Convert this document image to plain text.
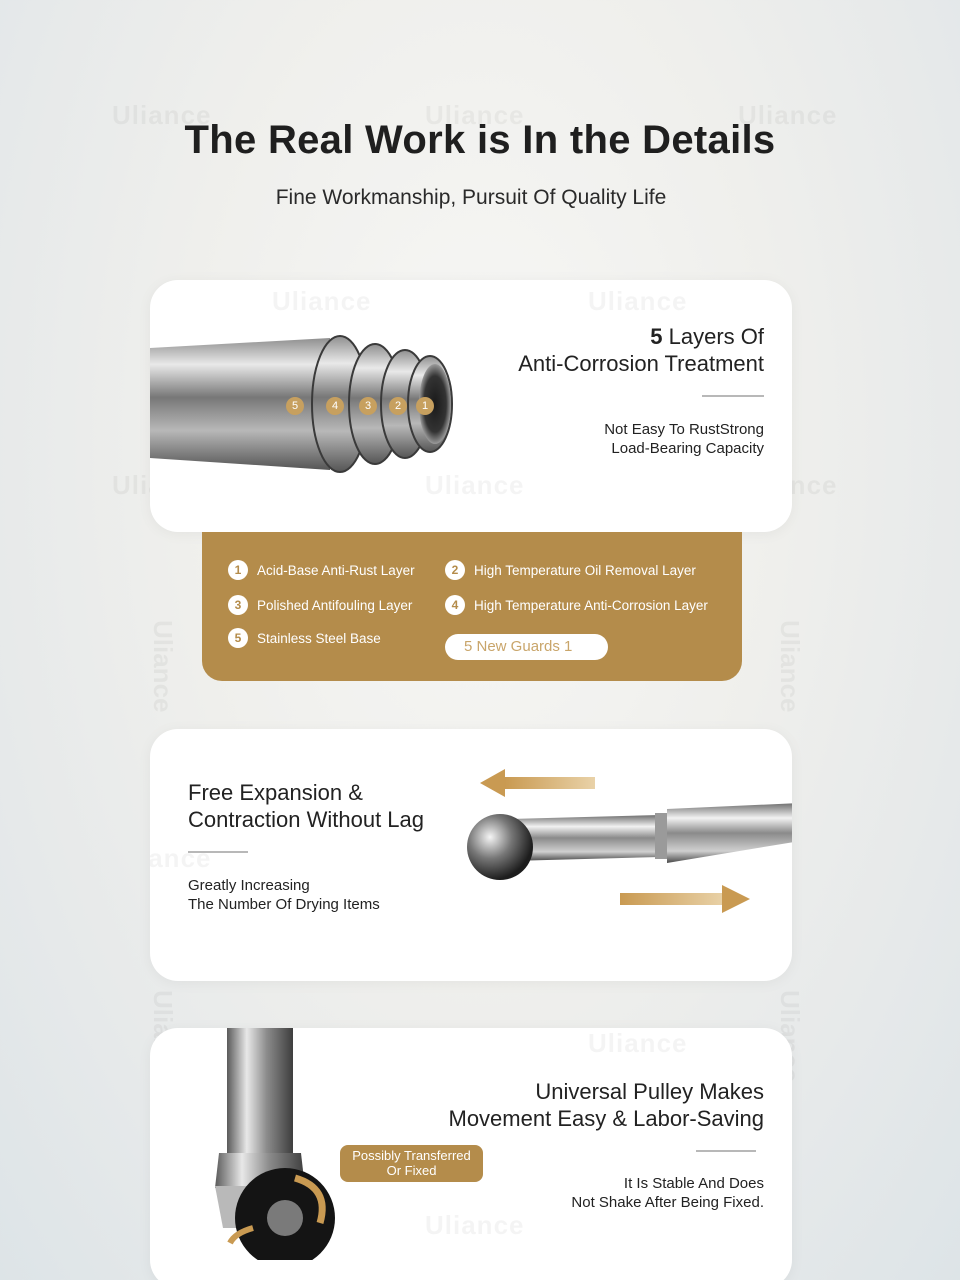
The Real Work is In the Details
Fine Workmanship, Pursuit Of Quality Life
5	4	3	2	1
5 Layers Of
Anti-Corrosion Treatment
Not Easy To RustStrong
Load-Bearing Capacity
1	Acid-Base Anti-Rust Layer	2	High Temperature Oil Removal Layer
3	Polished Antifouling Layer	4	High Temperature Anti-Corrosion Layer
5	Stainless Steel Base	5 New Guards 1
Free Expansion &
Contraction Without Lag
Greatly Increasing
The Number Of Drying Items
Possibly Transferred
Or Fixed
Universal Pulley Makes
Movement Easy & Labor-Saving
It Is Stable And Does
Not Shake After Being Fixed.
